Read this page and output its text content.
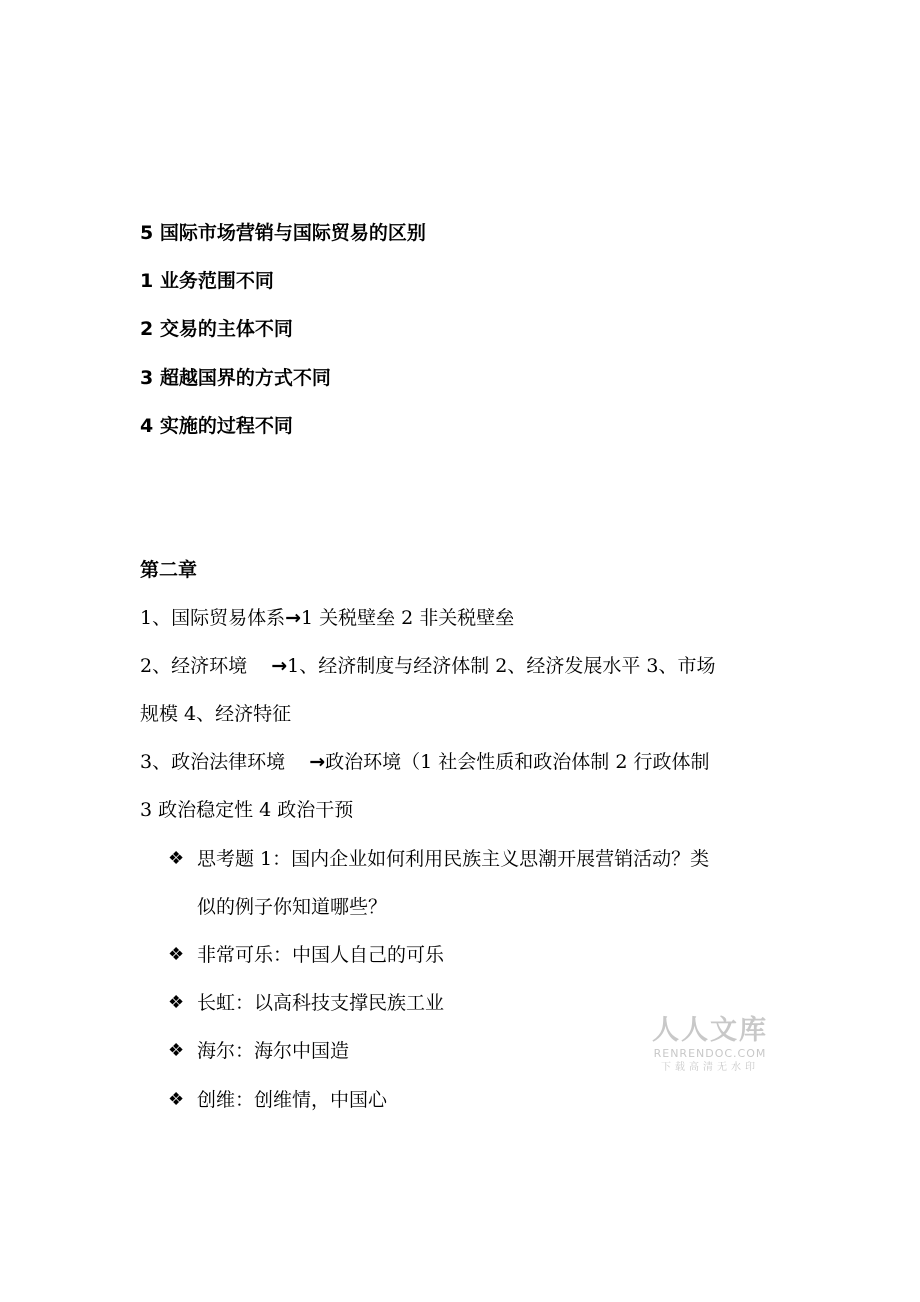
5 国际市场营销与国际贸易的区别
1 业务范围不同
2 交易的主体不同
3 超越国界的方式不同
4 实施的过程不同
第二章
1、国际贸易体系→1 关税壁垒 2 非关税壁垒
2、经济环境    →1、经济制度与经济体制 2、经济发展水平 3、市场
规模 4、经济特征
3、政治法律环境    →政治环境（1 社会性质和政治体制 2 行政体制
3 政治稳定性 4 政治干预
❖ 思考题 1：国内企业如何利用民族主义思潮开展营销活动？类
似的例子你知道哪些？
❖ 非常可乐：中国人自己的可乐
❖ 长虹：以高科技支撑民族工业
❖ 海尔：海尔中国造
❖ 创维：创维情，中国心
人人文库
RENRENDOC.COM
下载高清无水印
